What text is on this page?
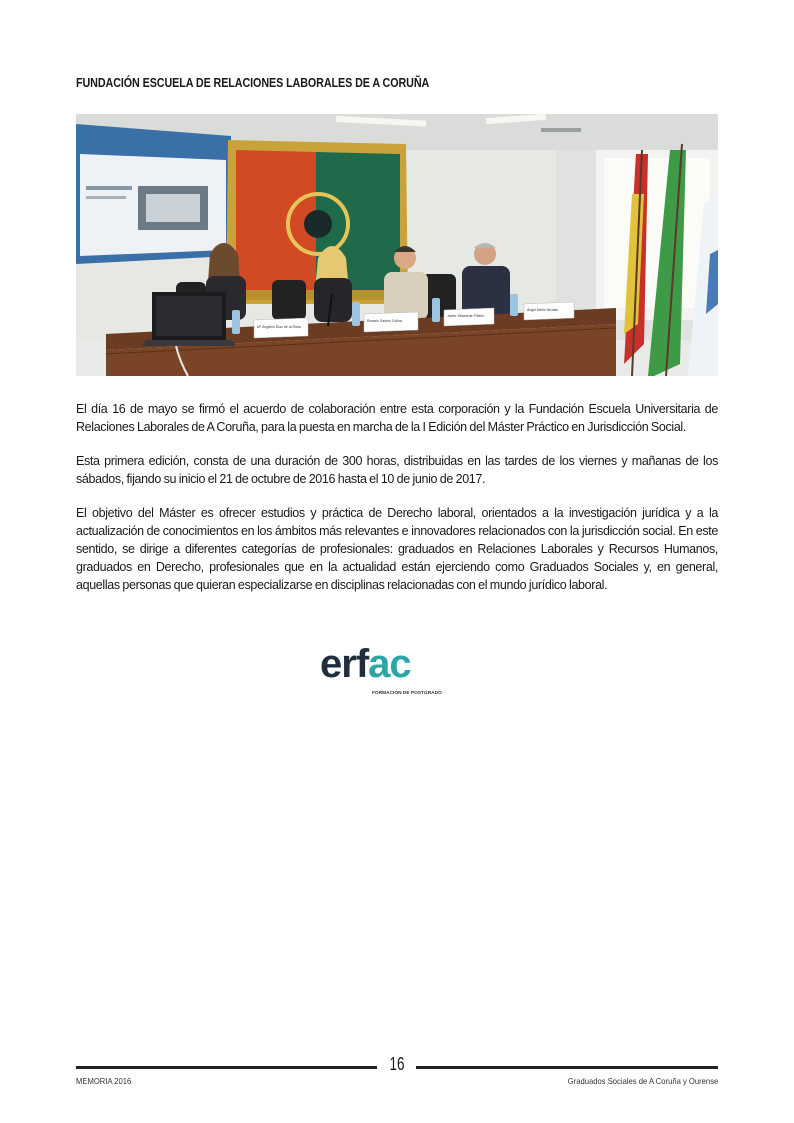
FUNDACIÓN ESCUELA DE RELACIONES LABORALES DE A CORUÑA
Mª Ángeles Díaz de la Rosa
Rosario Santos Colina
Javier Villaverde Piñeiro
Ángel Merlo Nicolás

El día 16 de mayo se firmó el acuerdo de colaboración entre esta corporación y la Fundación Escuela Universitaria de Relaciones Laborales de A Coruña, para la puesta en marcha de la I Edición del Máster Práctico en Jurisdicción Social.

Esta primera edición, consta de una duración de 300 horas, distribuidas en las tardes de los viernes y mañanas de los sábados, fijando su inicio el 21 de octubre de 2016 hasta el 10 de junio de 2017.

El objetivo del Máster es ofrecer estudios y práctica de Derecho laboral, orientados a la investigación jurídica y a la actualización de conocimientos en los ámbitos más relevantes e innovadores relacionados con la jurisdicción social. En este sentido, se dirige a diferentes categorías de profesionales: graduados en Relaciones Laborales y Recursos Humanos, graduados en Derecho, profesionales que en la actualidad están ejerciendo como Graduados Sociales y, en general, aquellas personas que quieran especializarse en disciplinas relacionadas con el mundo jurídico laboral.

erfac
FORMACIÓN DE POSTGRADO
16
MEMORIA 2016	Graduados Sociales de A Coruña y Ourense
